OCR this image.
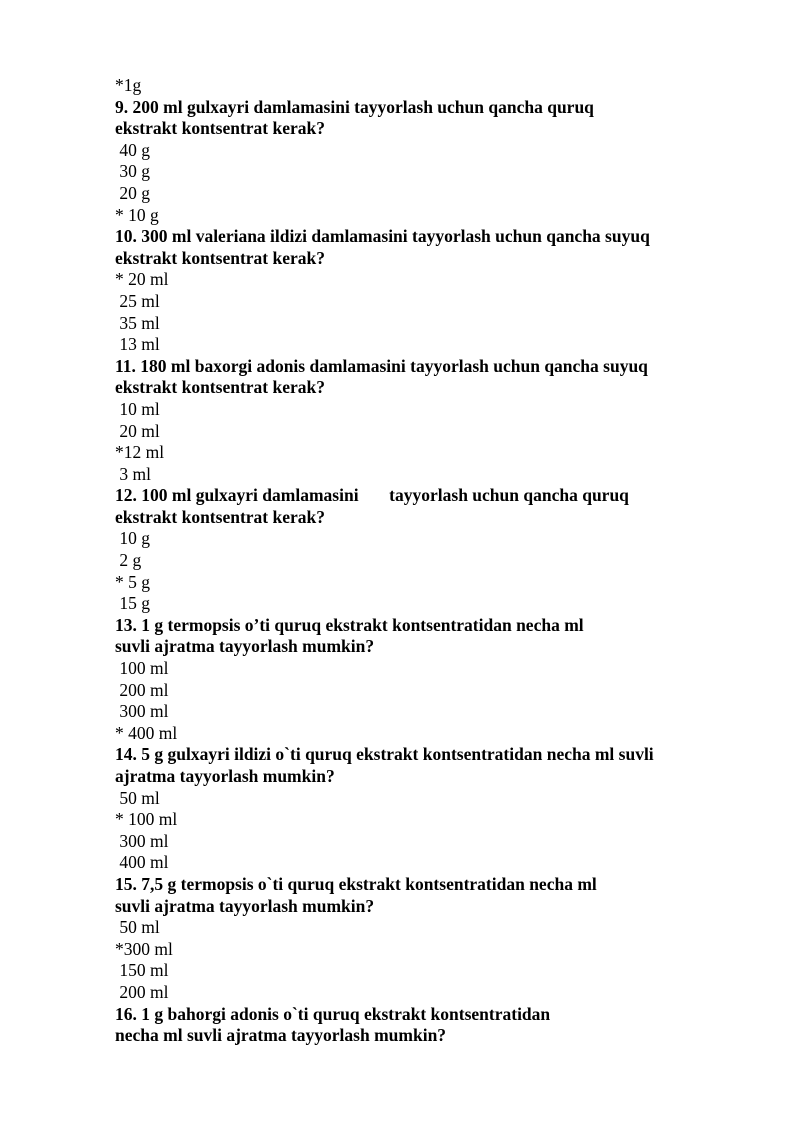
*1g
9. 200 ml gulxayri damlamasini tayyorlash uchun qancha quruq
ekstrakt kontsentrat kerak?
40 g
30 g
20 g
* 10 g
10. 300 ml valeriana ildizi damlamasini tayyorlash uchun qancha suyuq
ekstrakt kontsentrat kerak?
* 20 ml
25 ml
35 ml
13 ml
11. 180 ml baxorgi adonis damlamasini tayyorlash uchun qancha suyuq
ekstrakt kontsentrat kerak?
10 ml
20 ml
*12 ml
3 ml
12. 100 ml gulxayri damlamasini       tayyorlash uchun qancha quruq
ekstrakt kontsentrat kerak?
10 g
2 g
* 5 g
15 g
13. 1 g termopsis o’ti quruq ekstrakt kontsentratidan necha ml
suvli ajratma tayyorlash mumkin?
100 ml
200 ml
300 ml
* 400 ml
14. 5 g gulxayri ildizi o`ti quruq ekstrakt kontsentratidan necha ml suvli
ajratma tayyorlash mumkin?
50 ml
* 100 ml
300 ml
400 ml
15. 7,5 g termopsis o`ti quruq ekstrakt kontsentratidan necha ml
suvli ajratma tayyorlash mumkin?
50 ml
*300 ml
150 ml
200 ml
16. 1 g bahorgi adonis o`ti quruq ekstrakt kontsentratidan
necha ml suvli ajratma tayyorlash mumkin?
